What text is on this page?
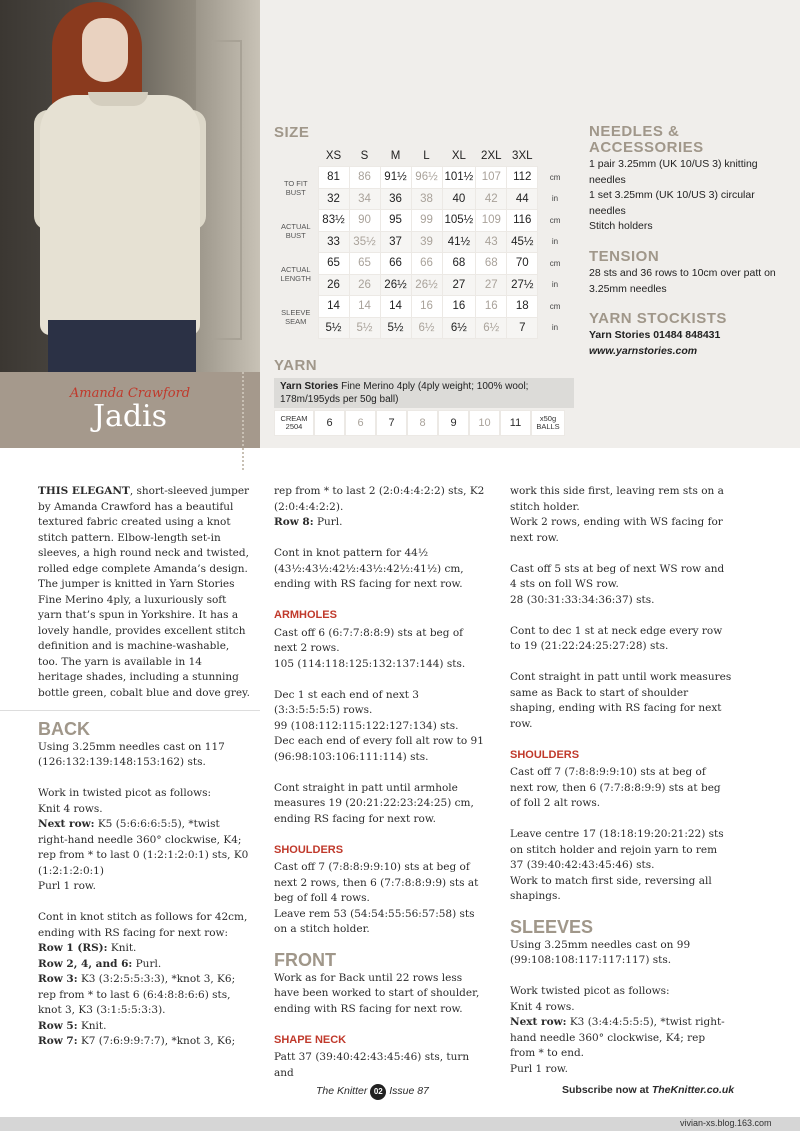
Amanda Crawford
Jadis
SIZE
	XS	S	M	L	XL	2XL	3XL	
TO FIT BUST	81	86	91½	96½	101½	107	112	cm
	32	34	36	38	40	42	44	in
ACTUAL BUST	83½	90	95	99	105½	109	116	cm
	33	35½	37	39	41½	43	45½	in
ACTUAL LENGTH	65	65	66	66	68	68	70	cm
	26	26	26½	26½	27	27	27½	in
SLEEVE SEAM	14	14	14	16	16	16	18	cm
	5½	5½	5½	6½	6½	6½	7	in
YARN
Yarn Stories Fine Merino 4ply (4ply weight; 100% wool; 178m/195yds per 50g ball)
CREAM 2504	6	6	7	8	9	10	11	x50g BALLS
NEEDLES & ACCESSORIES
1 pair 3.25mm (UK 10/US 3) knitting needles
1 set 3.25mm (UK 10/US 3) circular needles
Stitch holders
TENSION
28 sts and 36 rows to 10cm over patt on 3.25mm needles
YARN STOCKISTS
Yarn Stories 01484 848431
www.yarnstories.com

THIS ELEGANT, short-sleeved jumper by Amanda Crawford has a beautiful textured fabric created using a knot stitch pattern. Elbow-length set-in sleeves, a high round neck and twisted, rolled edge complete Amanda’s design. The jumper is knitted in Yarn Stories Fine Merino 4ply, a luxuriously soft yarn that’s spun in Yorkshire. It has a lovely handle, provides excellent stitch definition and is machine-washable, too. The yarn is available in 14 heritage shades, including a stunning bottle green, cobalt blue and dove grey.

BACK

Using 3.25mm needles cast on 117 (126:132:139:148:153:162) sts.

Work in twisted picot as follows:
Knit 4 rows.
Next row: K5 (5:6:6:6:5:5), *twist right-hand needle 360° clockwise, K4; rep from * to last 0 (1:2:1:2:0:1) sts, K0 (1:2:1:2:0:1)
Purl 1 row.

Cont in knot stitch as follows for 42cm, ending with RS facing for next row:
Row 1 (RS): Knit.
Row 2, 4, and 6: Purl.
Row 3: K3 (3:2:5:5:3:3), *knot 3, K6; rep from * to last 6 (6:4:8:8:6:6) sts, knot 3, K3 (3:1:5:5:3:3).
Row 5: Knit.
Row 7: K7 (7:6:9:9:7:7), *knot 3, K6;

rep from * to last 2 (2:0:4:4:2:2) sts, K2 (2:0:4:4:2:2).
Row 8: Purl.

Cont in knot pattern for 44½ (43½:43½:42½:43½:42½:41½) cm, ending with RS facing for next row.

ARMHOLES

Cast off 6 (6:7:7:8:8:9) sts at beg of next 2 rows.
105 (114:118:125:132:137:144) sts.

Dec 1 st each end of next 3 (3:3:5:5:5:5) rows.
99 (108:112:115:122:127:134) sts.
Dec each end of every foll alt row to 91 (96:98:103:106:111:114) sts.

Cont straight in patt until armhole measures 19 (20:21:22:23:24:25) cm, ending RS facing for next row.

SHOULDERS

Cast off 7 (7:8:8:9:9:10) sts at beg of next 2 rows, then 6 (7:7:8:8:9:9) sts at beg of foll 4 rows.
Leave rem 53 (54:54:55:56:57:58) sts on a stitch holder.

FRONT

Work as for Back until 22 rows less have been worked to start of shoulder, ending with RS facing for next row.

SHAPE NECK

Patt 37 (39:40:42:43:45:46) sts, turn and

work this side first, leaving rem sts on a stitch holder.
Work 2 rows, ending with WS facing for next row.

Cast off 5 sts at beg of next WS row and 4 sts on foll WS row.
28 (30:31:33:34:36:37) sts.

Cont to dec 1 st at neck edge every row to 19 (21:22:24:25:27:28) sts.

Cont straight in patt until work measures same as Back to start of shoulder shaping, ending with RS facing for next row.

SHOULDERS

Cast off 7 (7:8:8:9:9:10) sts at beg of next row, then 6 (7:7:8:8:9:9) sts at beg of foll 2 alt rows.

Leave centre 17 (18:18:19:20:21:22) sts on stitch holder and rejoin yarn to rem 37 (39:40:42:43:45:46) sts.
Work to match first side, reversing all shapings.

SLEEVES

Using 3.25mm needles cast on 99 (99:108:108:117:117:117) sts.

Work twisted picot as follows:
Knit 4 rows.
Next row: K3 (3:4:4:5:5:5), *twist right-hand needle 360° clockwise, K4; rep from * to end.
Purl 1 row.

The Knitter 02 Issue 87	Subscribe now at TheKnitter.co.uk
vivian-xs.blog.163.com
